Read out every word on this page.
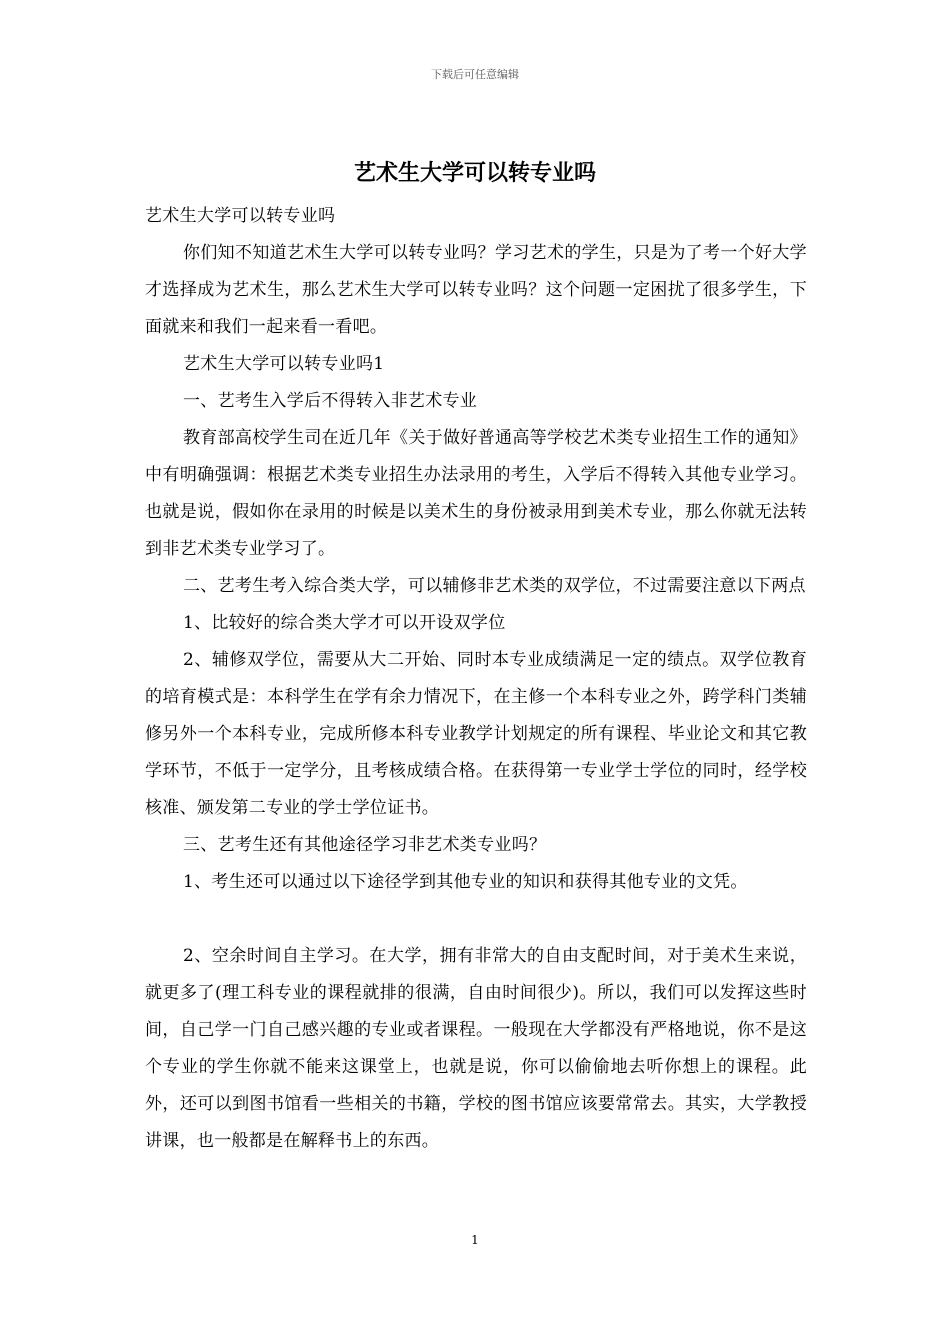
下载后可任意编辑
艺术生大学可以转专业吗

艺术生大学可以转专业吗

你们知不知道艺术生大学可以转专业吗？学习艺术的学生，只是为了考一个好大学才选择成为艺术生，那么艺术生大学可以转专业吗？这个问题一定困扰了很多学生，下面就来和我们一起来看一看吧。

艺术生大学可以转专业吗1

一、艺考生入学后不得转入非艺术专业

教育部高校学生司在近几年《关于做好普通高等学校艺术类专业招生工作的通知》中有明确强调：根据艺术类专业招生办法录用的考生，入学后不得转入其他专业学习。也就是说，假如你在录用的时候是以美术生的身份被录用到美术专业，那么你就无法转到非艺术类专业学习了。

二、艺考生考入综合类大学，可以辅修非艺术类的双学位，不过需要注意以下两点

1、比较好的综合类大学才可以开设双学位

2、辅修双学位，需要从大二开始、同时本专业成绩满足一定的绩点。双学位教育的培育模式是：本科学生在学有余力情况下，在主修一个本科专业之外，跨学科门类辅修另外一个本科专业，完成所修本科专业教学计划规定的所有课程、毕业论文和其它教学环节，不低于一定学分，且考核成绩合格。在获得第一专业学士学位的同时，经学校核准、颁发第二专业的学士学位证书。

三、艺考生还有其他途径学习非艺术类专业吗？

1、考生还可以通过以下途径学到其他专业的知识和获得其他专业的文凭。

2、空余时间自主学习。在大学，拥有非常大的自由支配时间，对于美术生来说，就更多了(理工科专业的课程就排的很满，自由时间很少)。所以，我们可以发挥这些时间，自己学一门自己感兴趣的专业或者课程。一般现在大学都没有严格地说，你不是这个专业的学生你就不能来这课堂上，也就是说，你可以偷偷地去听你想上的课程。此外，还可以到图书馆看一些相关的书籍，学校的图书馆应该要常常去。其实，大学教授讲课，也一般都是在解释书上的东西。

1
